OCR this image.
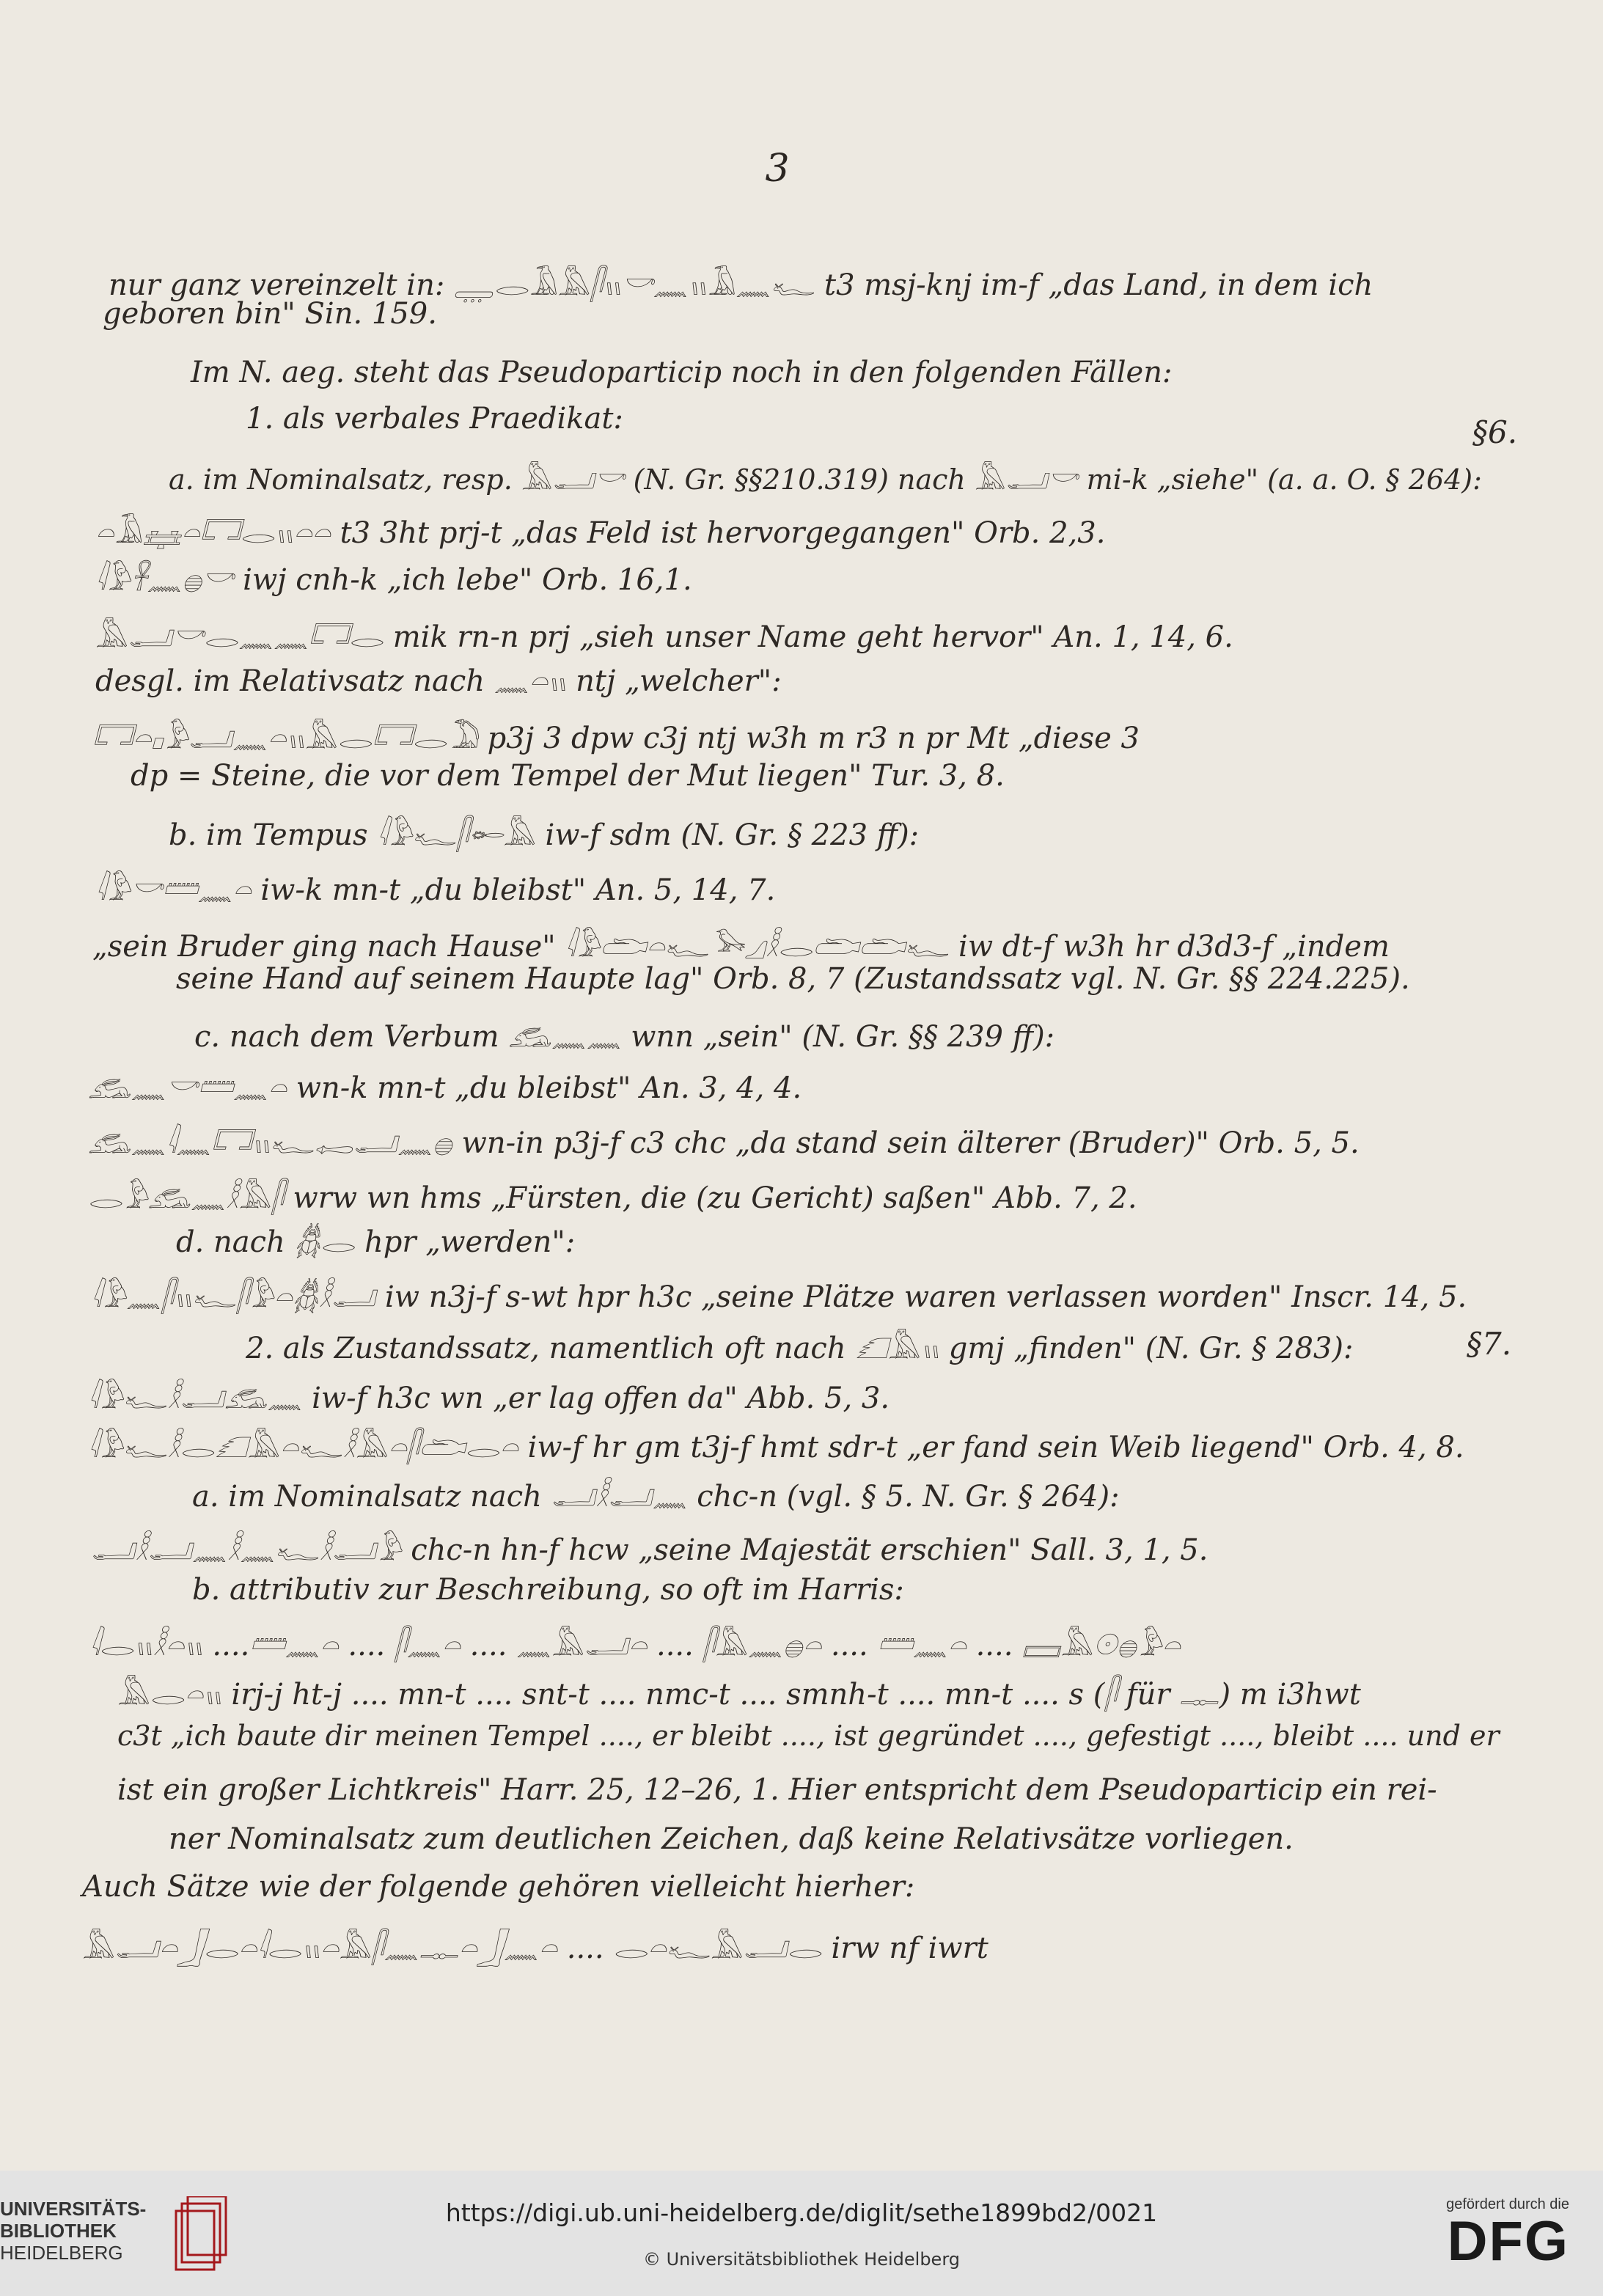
3
nur ganz vereinzelt in: 𓇾𓂋𓄿𓅓𓋴𓏭𓎡𓈖𓏭𓄿𓈖𓆑 t3 msj-knj im-f „das Land, in dem ich
geboren bin" Sin. 159.
Im N. aeg. steht das Pseudoparticip noch in den folgenden Fällen:
1. als verbales Praedikat:	§6.
a. im Nominalsatz, resp. 𓅓𓂝𓎡 (N. Gr. §§210.319) nach 𓅓𓂝𓎡 mi-k „siehe" (a. a. O. § 264):
𓏏𓄿𓈐𓏏𓉐𓂋𓏭𓏏𓏏 t3 3ht prj-t „das Feld ist hervorgegangen" Orb. 2,3.
𓇋𓅱𓋹𓈖𓐍𓎡 iwj cnh-k „ich lebe" Orb. 16,1.
𓅓𓂝𓎡𓂋𓈖𓈖𓉐𓂋 mik rn-n prj „sieh unser Name geht hervor" An. 1, 14, 6.
desgl. im Relativsatz nach 𓈖𓏏𓏭 ntj „welcher":
𓉐𓏏𓊪𓅱𓂝𓈖𓏏𓏭𓅓𓂋𓉐𓂋𓅐 p3j 3 dpw c3j ntj w3h m r3 n pr Mt „diese 3
dp = Steine, die vor dem Tempel der Mut liegen" Tur. 3, 8.
b. im Tempus 𓇋𓅱𓆑𓋴𓄡𓅓 iw-f sdm (N. Gr. § 223 ff):
𓇋𓅱𓎡𓏠𓈖𓏏 iw-k mn-t „du bleibst" An. 5, 14, 7.
„sein Bruder ging nach Hause" 𓇋𓅱𓂧𓏏𓆑𓅨𓈎𓎛𓂋𓂧𓂧𓆑 iw dt-f w3h hr d3d3-f „indem
seine Hand auf seinem Haupte lag" Orb. 8, 7 (Zustandssatz vgl. N. Gr. §§ 224.225).
c. nach dem Verbum 𓃹𓈖𓈖 wnn „sein" (N. Gr. §§ 239 ff):
𓃹𓈖𓎡𓏠𓈖𓏏 wn-k mn-t „du bleibst" An. 3, 4, 4.
𓃹𓈖𓇋𓈖𓉐𓏭𓆑𓉻𓂝𓈖𓐍 wn-in p3j-f c3 chc „da stand sein älterer (Bruder)" Orb. 5, 5.
𓂋𓅱𓃹𓈖𓎛𓅓𓋴 wrw wn hms „Fürsten, die (zu Gericht) saßen" Abb. 7, 2.
d. nach 𓆣𓂋 hpr „werden":
𓇋𓅱𓈖𓋴𓏭𓆑𓋴𓅱𓏏𓆣𓎛𓂝 iw n3j-f s-wt hpr h3c „seine Plätze waren verlassen worden" Inscr. 14, 5.
2. als Zustandssatz, namentlich oft nach 𓆎𓅓𓏭 gmj „finden" (N. Gr. § 283):	§7.
𓇋𓅱𓆑𓎛𓂝𓃹𓈖 iw-f h3c wn „er lag offen da" Abb. 5, 3.
𓇋𓅱𓆑𓎛𓂋𓆎𓅓𓏏𓆑𓎛𓅓𓏏𓋴𓂧𓂋𓏏 iw-f hr gm t3j-f hmt sdr-t „er fand sein Weib liegend" Orb. 4, 8.
a. im Nominalsatz nach 𓂝𓎛𓂝𓈖 chc-n (vgl. § 5. N. Gr. § 264):
𓂝𓎛𓂝𓈖𓎛𓈖𓆑𓎛𓂝𓅱 chc-n hn-f hcw „seine Majestät erschien" Sall. 3, 1, 5.
b. attributiv zur Beschreibung, so oft im Harris:
𓇋𓂋𓏭𓎛𓏏𓏭 ....𓏠𓈖𓏏 .... 𓋴𓈖𓏏 .... 𓈖𓅓𓂝𓏏 .... 𓋴𓅓𓈖𓐍𓏏 .... 𓏠𓈖𓏏 .... 𓈙𓅓𓇳𓐍𓅱𓏏
𓅓𓂋𓏏𓏭 irj-j ht-j .... mn-t .... snt-t .... nmc-t .... smnh-t .... mn-t .... s (𓋴 für 𓊃) m i3hwt
c3t „ich baute dir meinen Tempel ...., er bleibt ...., ist gegründet ...., gefestigt ...., bleibt .... und er
ist ein großer Lichtkreis" Harr. 25, 12–26, 1. Hier entspricht dem Pseudoparticip ein rei-
ner Nominalsatz zum deutlichen Zeichen, daß keine Relativsätze vorliegen.
Auch Sätze wie der folgende gehören vielleicht hierher:
𓅓𓂝𓏏𓃀𓂋𓏏𓇋𓂋𓏭𓏏𓅓𓋴𓈖𓊃𓏏𓃀𓈖𓏏 .... 𓂋𓏏𓆑𓅓𓂝𓂋 irw nf iwrt
UNIVERSITÄTS-
BIBLIOTHEK
HEIDELBERG
https://digi.ub.uni-heidelberg.de/diglit/sethe1899bd2/0021
© Universitätsbibliothek Heidelberg
gefördert durch die
DFG
